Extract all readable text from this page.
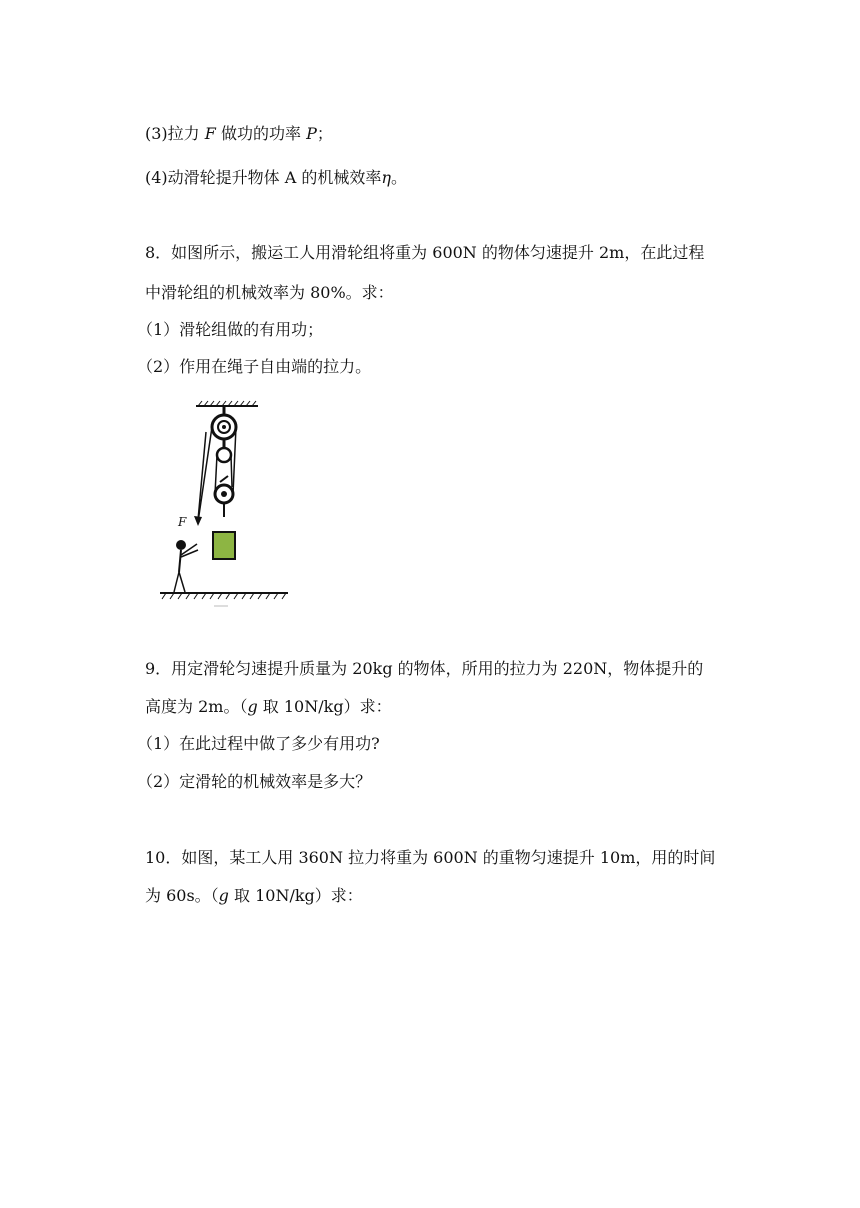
(3)拉力 F 做功的功率 P；
(4)动滑轮提升物体 A 的机械效率η。
8．如图所示，搬运工人用滑轮组将重为 600N 的物体匀速提升 2m，在此过程
中滑轮组的机械效率为 80%。求：
（1）滑轮组做的有用功；
（2）作用在绳子自由端的拉力。
F
9．用定滑轮匀速提升质量为 20kg 的物体，所用的拉力为 220N，物体提升的
高度为 2m。（g 取 10N/kg）求：
（1）在此过程中做了多少有用功?
（2）定滑轮的机械效率是多大？
10．如图，某工人用 360N 拉力将重为 600N 的重物匀速提升 10m，用的时间
为 60s。（g 取 10N/kg）求：
